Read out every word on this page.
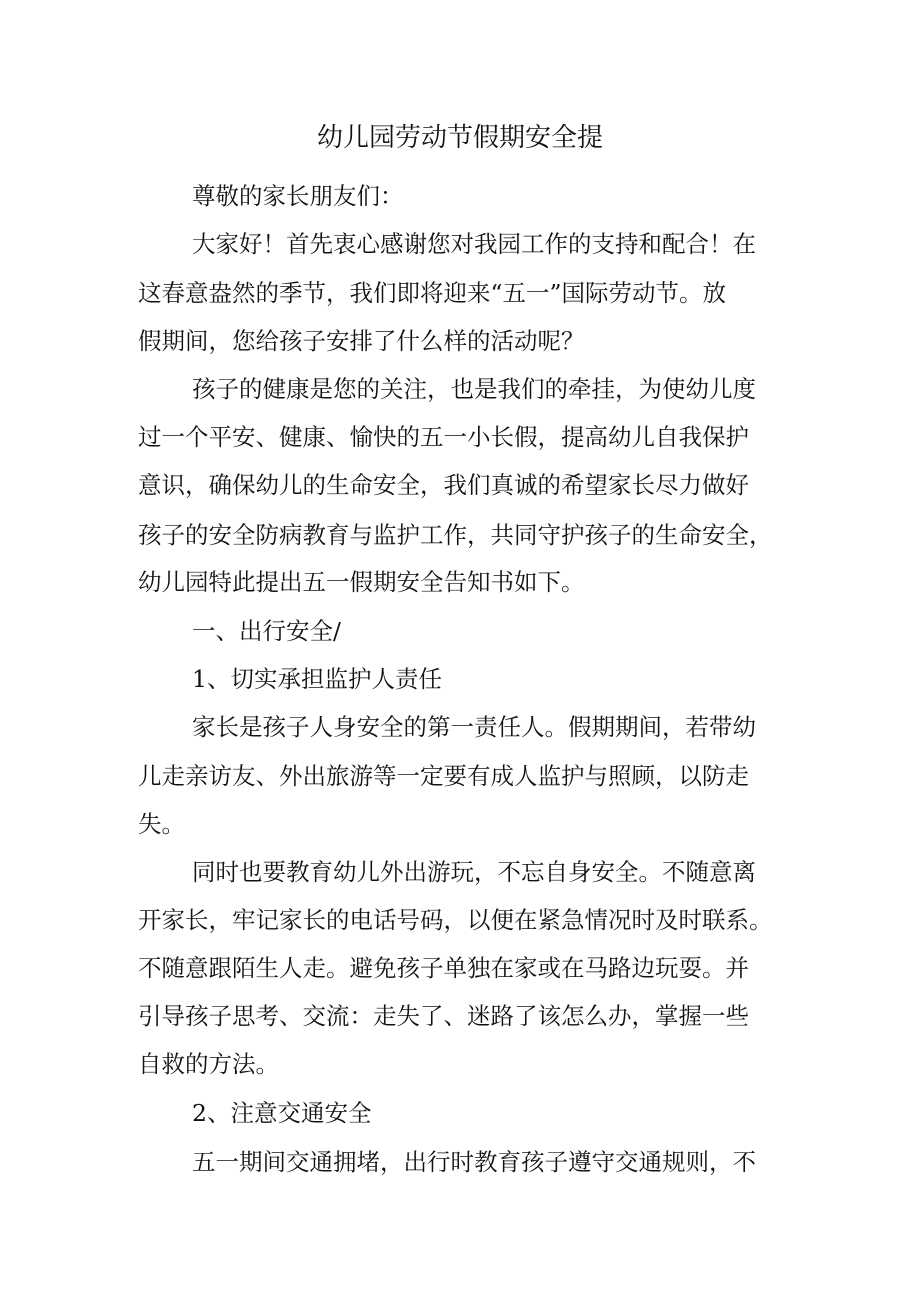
幼儿园劳动节假期安全提
尊敬的家长朋友们：
大家好！首先衷心感谢您对我园工作的支持和配合！在
这春意盎然的季节，我们即将迎来“五一”国际劳动节。放
假期间，您给孩子安排了什么样的活动呢？
孩子的健康是您的关注，也是我们的牵挂，为使幼儿度
过一个平安、健康、愉快的五一小长假，提高幼儿自我保护
意识，确保幼儿的生命安全，我们真诚的希望家长尽力做好
孩子的安全防病教育与监护工作，共同守护孩子的生命安全，
幼儿园特此提出五一假期安全告知书如下。
一、出行安全/
1、切实承担监护人责任
家长是孩子人身安全的第一责任人。假期期间，若带幼
儿走亲访友、外出旅游等一定要有成人监护与照顾，以防走
失。
同时也要教育幼儿外出游玩，不忘自身安全。不随意离
开家长，牢记家长的电话号码，以便在紧急情况时及时联系。
不随意跟陌生人走。避免孩子单独在家或在马路边玩耍。并
引导孩子思考、交流：走失了、迷路了该怎么办，掌握一些
自救的方法。
2、注意交通安全
五一期间交通拥堵，出行时教育孩子遵守交通规则，不
